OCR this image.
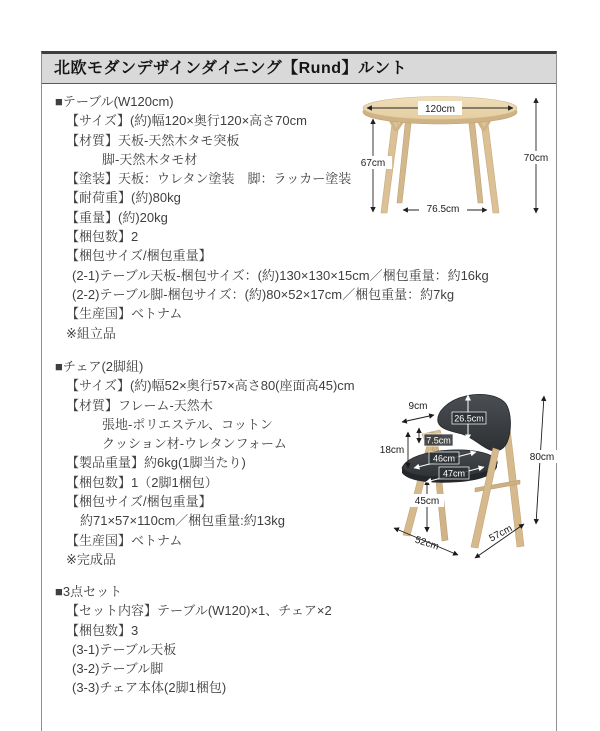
北欧モダンデザインダイニング【Rund】ルント
■テーブル(W120cm)
【サイズ】(約)幅120×奥行120×高さ70cm
【材質】天板-天然木タモ突板
脚-天然木タモ材
【塗装】天板：ウレタン塗装　脚：ラッカー塗装
【耐荷重】(約)80kg
【重量】(約)20kg
【梱包数】2
【梱包サイズ/梱包重量】
(2-1)テーブル天板-梱包サイズ：(約)130×130×15cm／梱包重量：約16kg
(2-2)テーブル脚-梱包サイズ：(約)80×52×17cm／梱包重量：約7kg
【生産国】ベトナム
※組立品
■チェア(2脚組)
【サイズ】(約)幅52×奥行57×高さ80(座面高45)cm
【材質】フレーム-天然木
張地-ポリエステル、コットン
クッション材-ウレタンフォーム
【製品重量】約6kg(1脚当たり)
【梱包数】1（2脚1梱包）
【梱包サイズ/梱包重量】
約71×57×110cm／梱包重量:約13kg
【生産国】ベトナム
※完成品
■3点セット
【セット内容】テーブル(W120)×1、チェア×2
【梱包数】3
(3-1)テーブル天板
(3-2)テーブル脚
(3-3)チェア本体(2脚1梱包)
120cm
67cm	70cm
76.5cm
26.5cm
7.5cm
46cm
47cm
9cm
18cm
45cm
80cm
52cm	57cm
